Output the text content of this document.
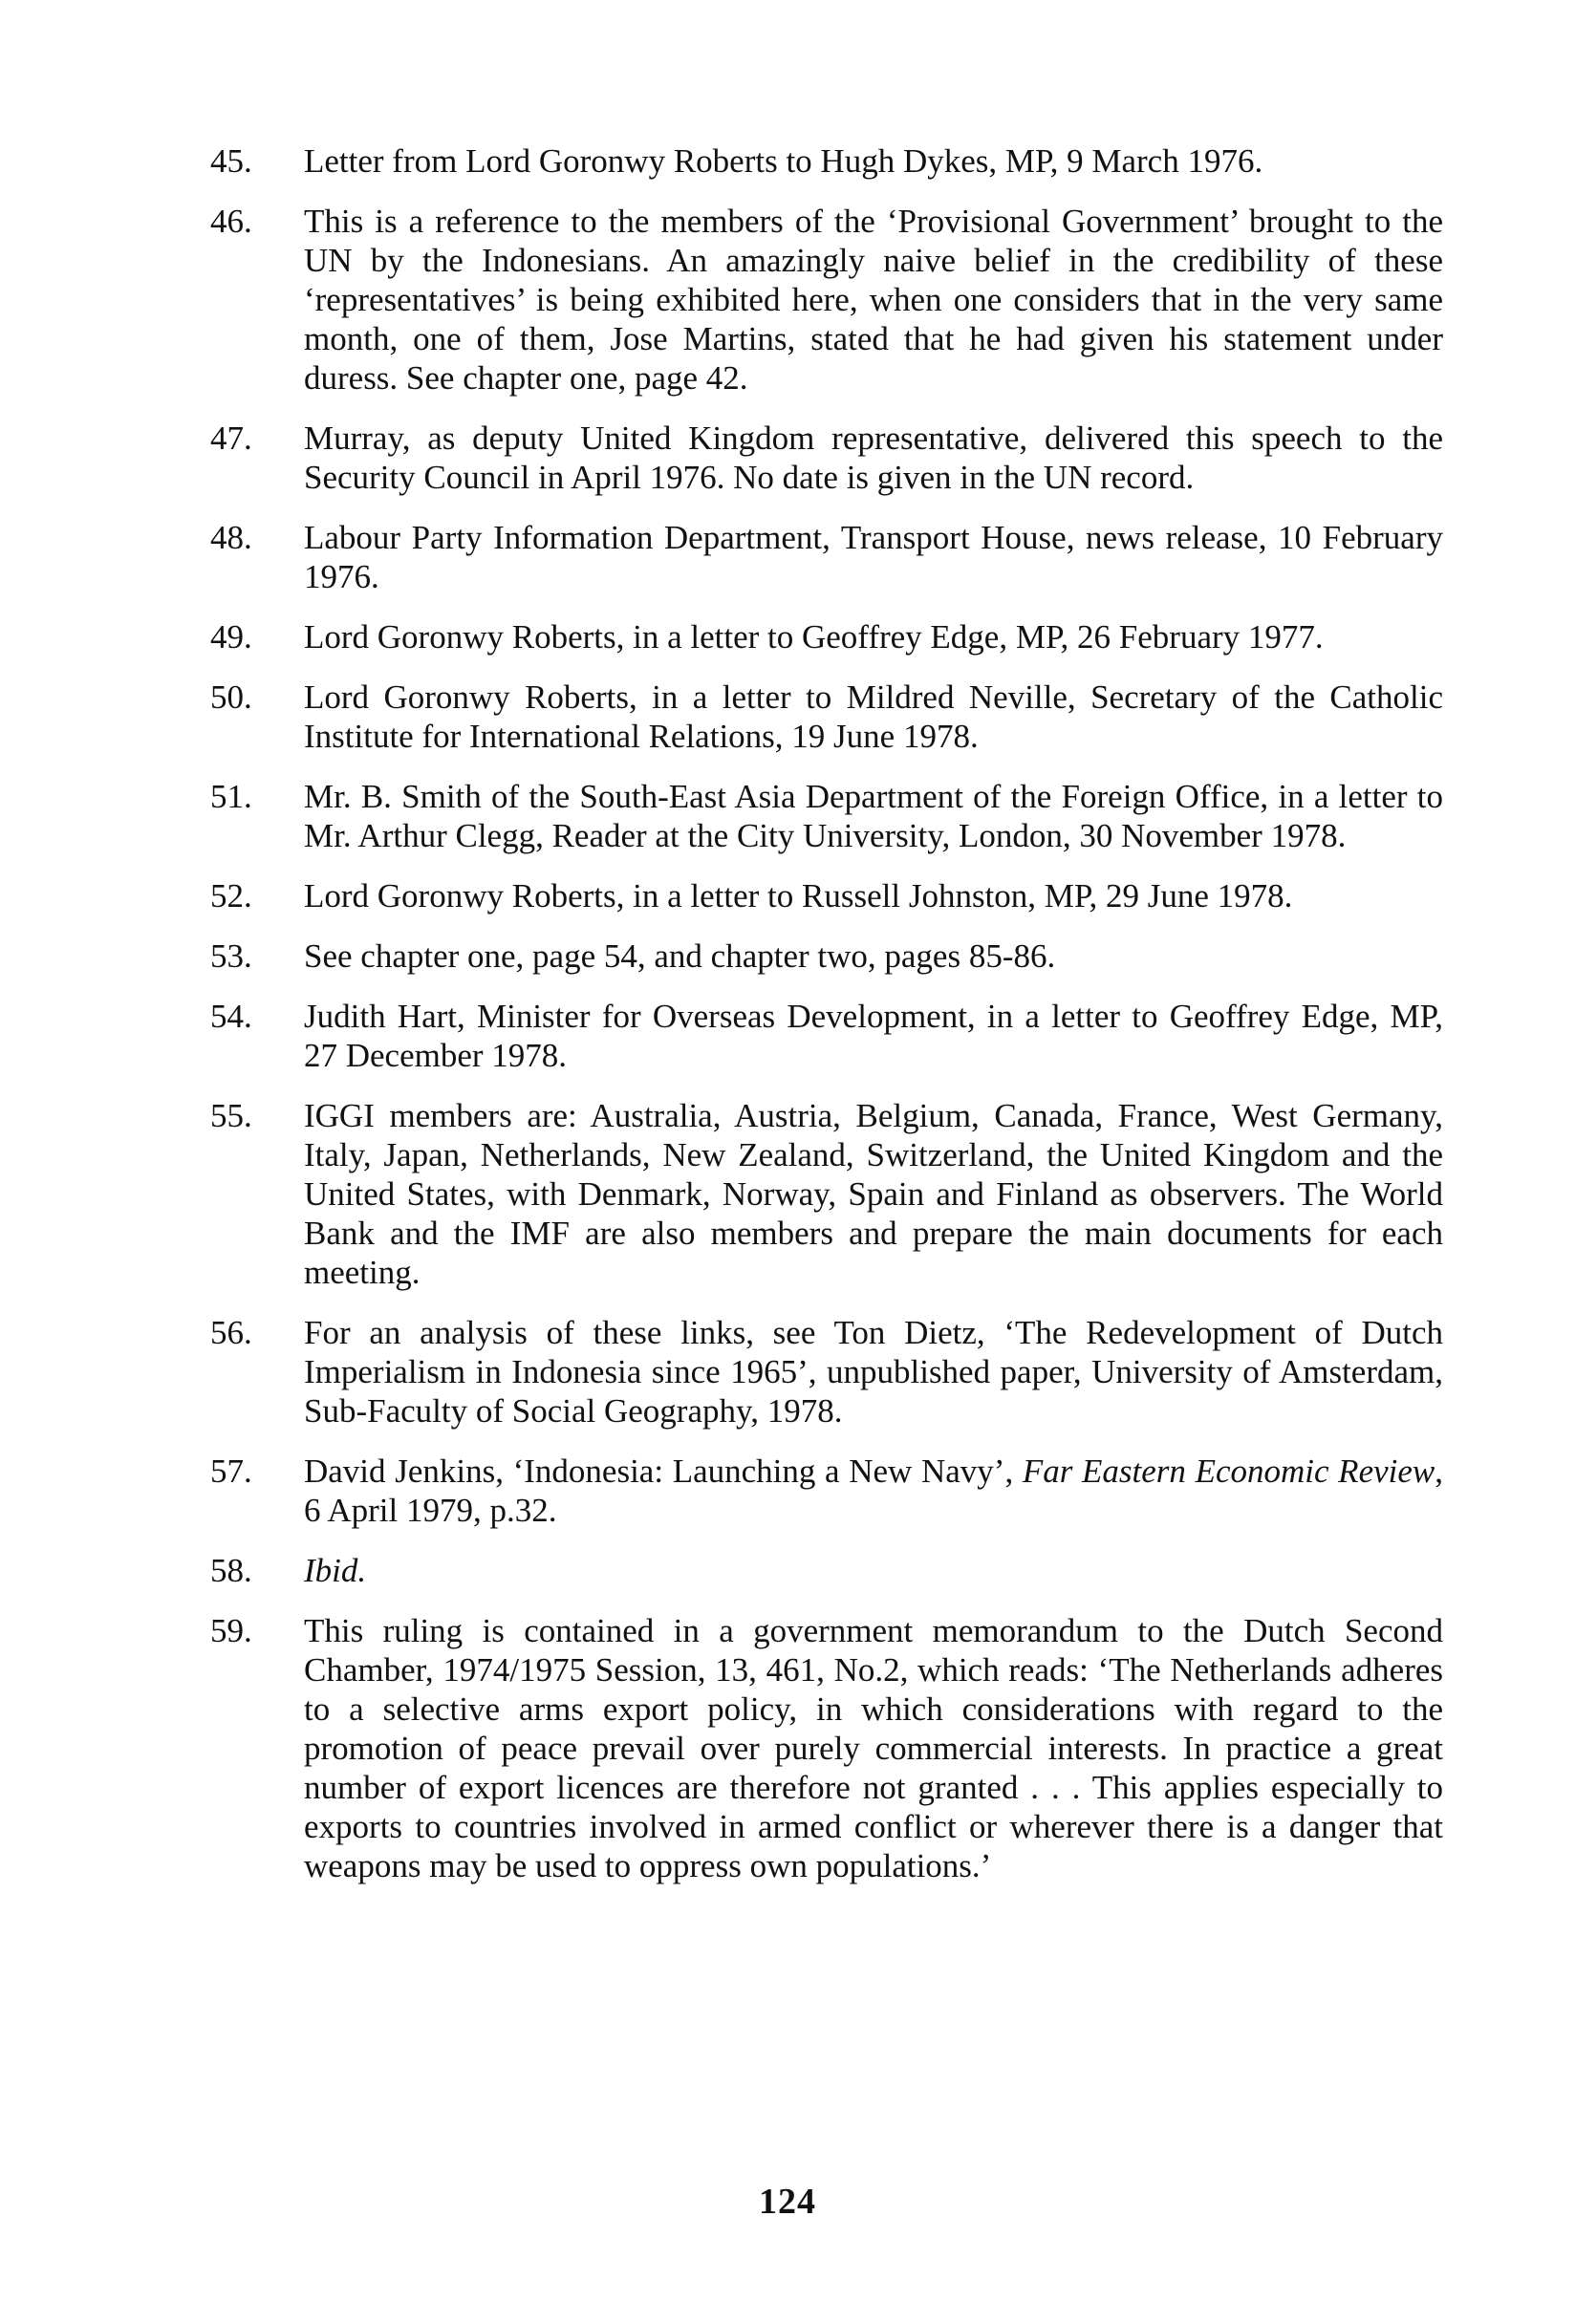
45.	Letter from Lord Goronwy Roberts to Hugh Dykes, MP, 9 March 1976.
46.	This is a reference to the members of the ‘Provisional Government’ brought to the UN by the Indonesians. An amazingly naive belief in the credibility of these ‘representatives’ is being exhibited here, when one considers that in the very same month, one of them, Jose Martins, stated that he had given his statement under duress. See chapter one, page 42.
47.	Murray, as deputy United Kingdom representative, delivered this speech to the Security Council in April 1976. No date is given in the UN record.
48.	Labour Party Information Department, Transport House, news release, 10 February 1976.
49.	Lord Goronwy Roberts, in a letter to Geoffrey Edge, MP, 26 February 1977.
50.	Lord Goronwy Roberts, in a letter to Mildred Neville, Secretary of the Catholic Institute for International Relations, 19 June 1978.
51.	Mr. B. Smith of the South-East Asia Department of the Foreign Office, in a letter to Mr. Arthur Clegg, Reader at the City University, London, 30 November 1978.
52.	Lord Goronwy Roberts, in a letter to Russell Johnston, MP, 29 June 1978.
53.	See chapter one, page 54, and chapter two, pages 85-86.
54.	Judith Hart, Minister for Overseas Development, in a letter to Geoffrey Edge, MP, 27 December 1978.
55.	IGGI members are: Australia, Austria, Belgium, Canada, France, West Germany, Italy, Japan, Netherlands, New Zealand, Switzerland, the United Kingdom and the United States, with Denmark, Norway, Spain and Finland as observers. The World Bank and the IMF are also members and prepare the main documents for each meeting.
56.	For an analysis of these links, see Ton Dietz, ‘The Redevelopment of Dutch Imperialism in Indonesia since 1965’, unpublished paper, University of Amsterdam, Sub-Faculty of Social Geography, 1978.
57.	David Jenkins, ‘Indonesia: Launching a New Navy’, Far Eastern Economic Review, 6 April 1979, p.32.
58.	Ibid.
59.	This ruling is contained in a government memorandum to the Dutch Second Chamber, 1974/1975 Session, 13, 461, No.2, which reads: ‘The Netherlands adheres to a selective arms export policy, in which considerations with regard to the promotion of peace prevail over purely commercial interests. In practice a great number of export licences are therefore not granted . . . This applies especially to exports to countries involved in armed conflict or wherever there is a danger that weapons may be used to oppress own populations.’
124
